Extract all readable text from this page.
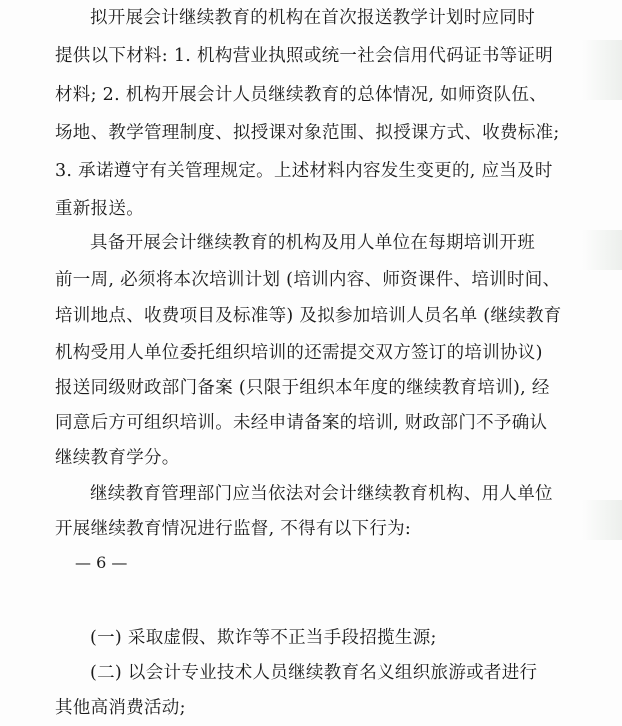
拟开展会计继续教育的机构在首次报送教学计划时应同时
提供以下材料: 1. 机构营业执照或统一社会信用代码证书等证明
材料; 2. 机构开展会计人员继续教育的总体情况, 如师资队伍、
场地、教学管理制度、拟授课对象范围、拟授课方式、收费标准;
3. 承诺遵守有关管理规定。上述材料内容发生变更的, 应当及时
重新报送。
具备开展会计继续教育的机构及用人单位在每期培训开班
前一周, 必须将本次培训计划 (培训内容、师资课件、培训时间、
培训地点、收费项目及标准等) 及拟参加培训人员名单 (继续教育
机构受用人单位委托组织培训的还需提交双方签订的培训协议)
报送同级财政部门备案 (只限于组织本年度的继续教育培训), 经
同意后方可组织培训。未经申请备案的培训, 财政部门不予确认
继续教育学分。
继续教育管理部门应当依法对会计继续教育机构、用人单位
开展继续教育情况进行监督, 不得有以下行为:
— 6 —
(一) 采取虚假、欺诈等不正当手段招揽生源;
(二) 以会计专业技术人员继续教育名义组织旅游或者进行
其他高消费活动;
